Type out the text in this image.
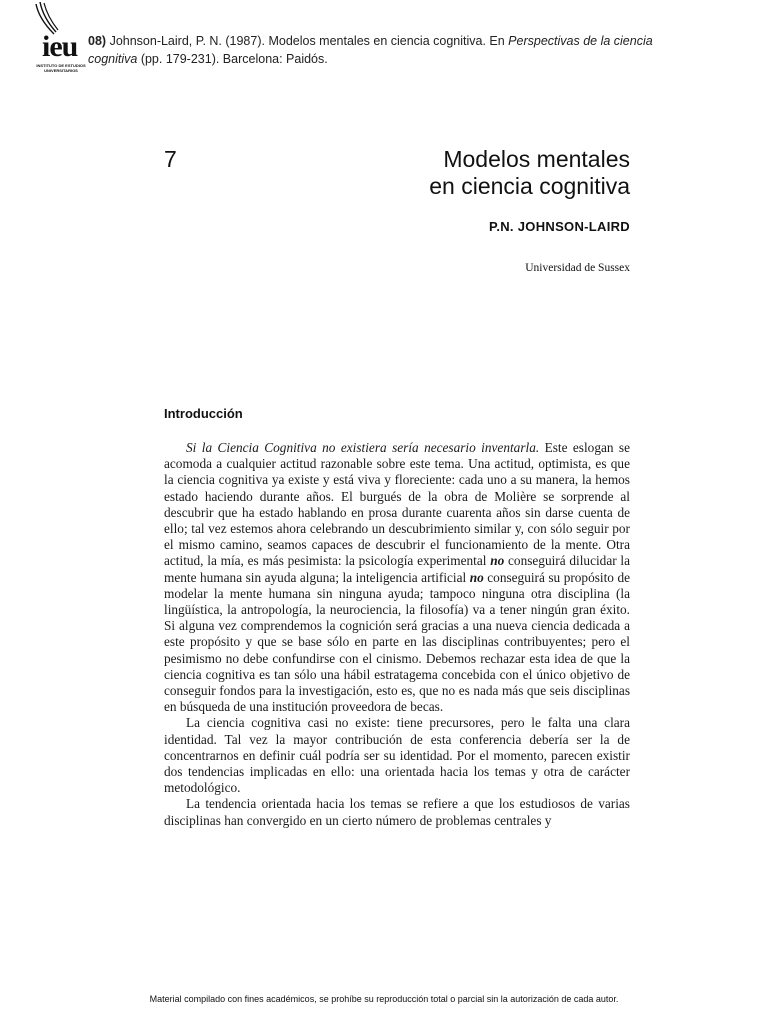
ieu
INSTITUTO DE ESTUDIOS UNIVERSITARIOS
08) Johnson-Laird, P. N. (1987). Modelos mentales en ciencia cognitiva. En Perspectivas de la ciencia cognitiva (pp. 179-231). Barcelona: Paidós.
7	Modelos mentales
en ciencia cognitiva
P.N. JOHNSON-LAIRD
Universidad de Sussex
Introducción

Si la Ciencia Cognitiva no existiera sería necesario inventarla. Este eslogan se acomoda a cualquier actitud razonable sobre este tema. Una actitud, optimista, es que la ciencia cognitiva ya existe y está viva y floreciente: cada uno a su manera, la hemos estado haciendo durante años. El burgués de la obra de Molière se sorprende al descubrir que ha estado hablando en prosa durante cuarenta años sin darse cuenta de ello; tal vez estemos ahora celebrando un descubrimiento similar y, con sólo seguir por el mismo camino, seamos capaces de descubrir el funcionamiento de la mente. Otra actitud, la mía, es más pesimista: la psicología experimental no conseguirá dilucidar la mente humana sin ayuda alguna; la inteligencia artificial no conseguirá su propósito de modelar la mente humana sin ninguna ayuda; tampoco ninguna otra disciplina (la lingüística, la antropología, la neurociencia, la filosofía) va a tener ningún gran éxito. Si alguna vez comprendemos la cognición será gracias a una nueva ciencia dedicada a este propósito y que se base sólo en parte en las disciplinas contribuyentes; pero el pesimismo no debe confundirse con el cinismo. Debemos rechazar esta idea de que la ciencia cognitiva es tan sólo una hábil estratagema concebida con el único objetivo de conseguir fondos para la investigación, esto es, que no es nada más que seis disciplinas en búsqueda de una institución proveedora de becas.

La ciencia cognitiva casi no existe: tiene precursores, pero le falta una clara identidad. Tal vez la mayor contribución de esta conferencia debería ser la de concentrarnos en definir cuál podría ser su identidad. Por el momento, parecen existir dos tendencias implicadas en ello: una orientada hacia los temas y otra de carácter metodológico.

La tendencia orientada hacia los temas se refiere a que los estudiosos de varias disciplinas han convergido en un cierto número de problemas centrales y

Material compilado con fines académicos, se prohíbe su reproducción total o parcial sin la autorización de cada autor.
